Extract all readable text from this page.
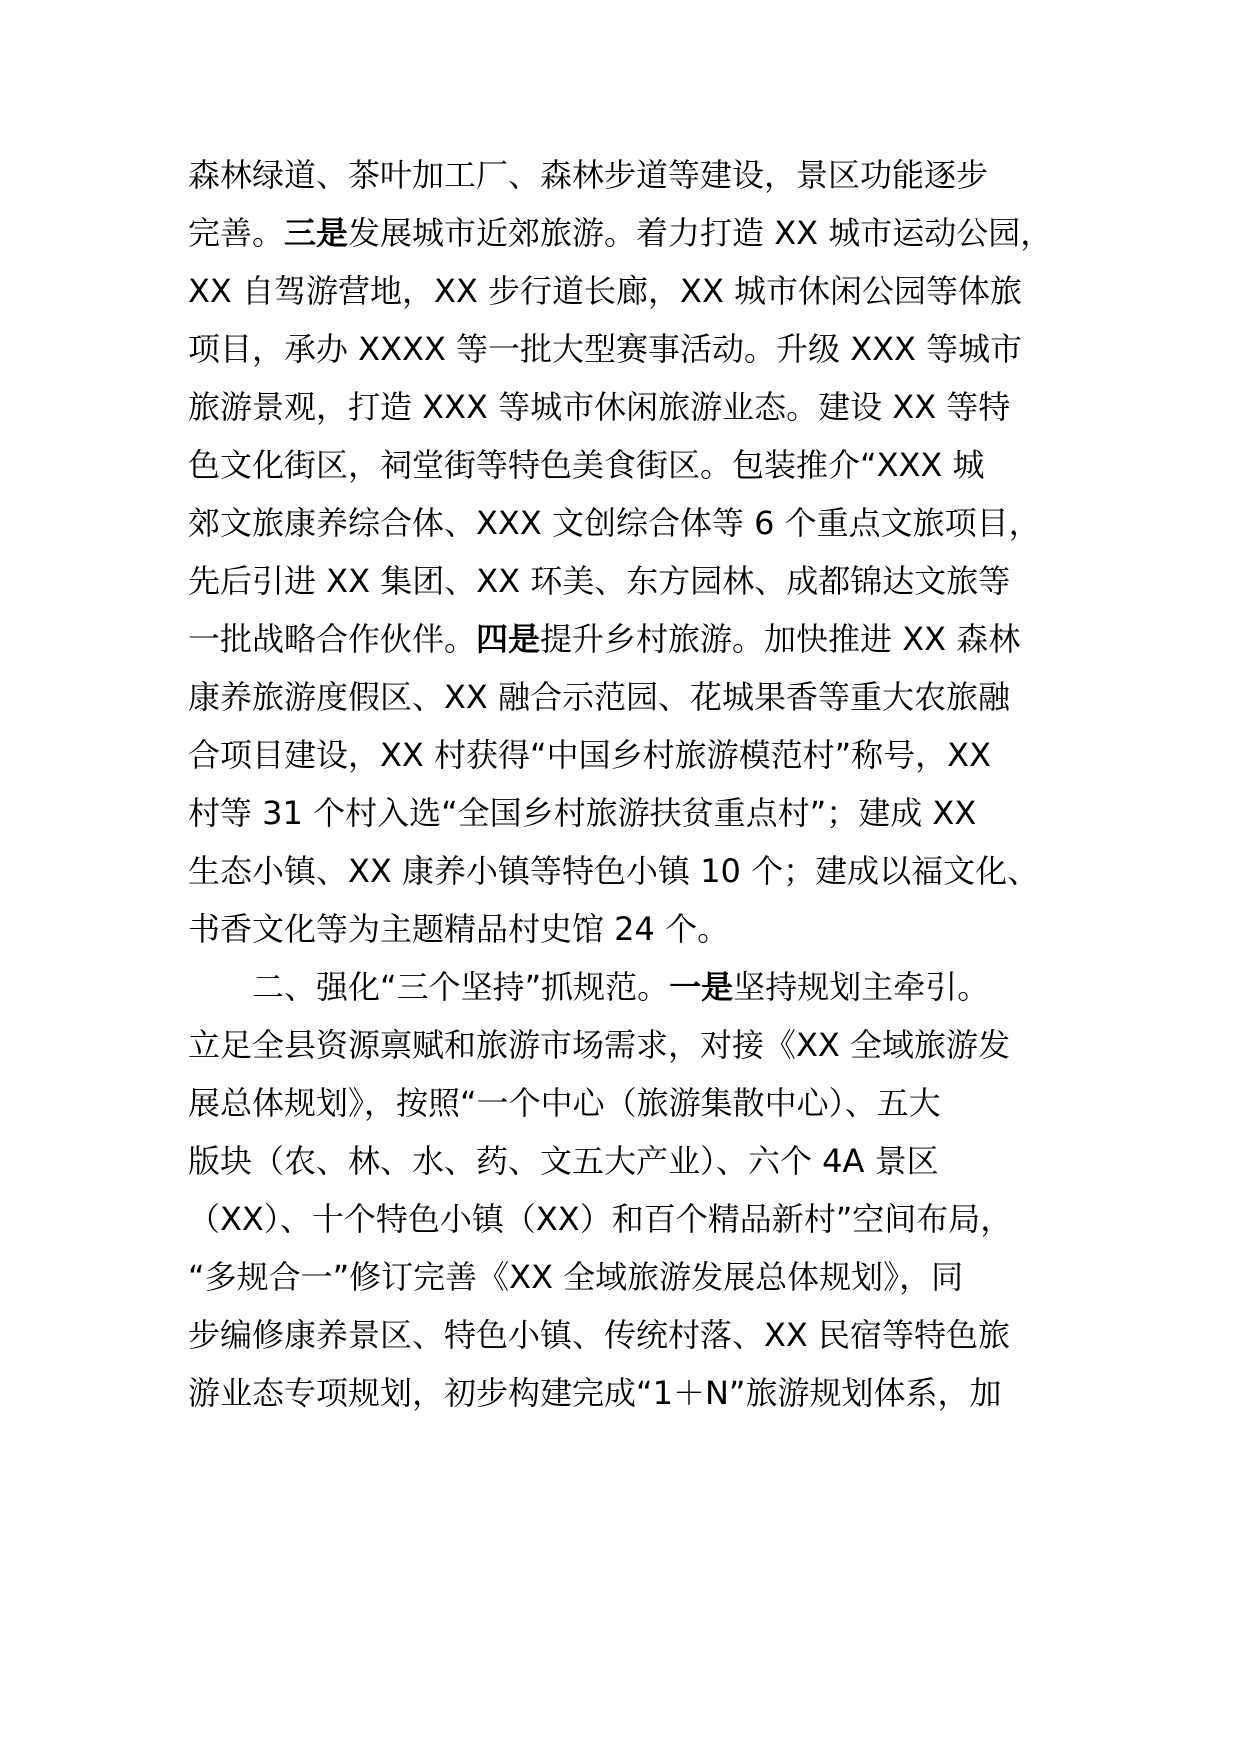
森林绿道、茶叶加工厂、森林步道等建设，景区功能逐步
完善。三是发展城市近郊旅游。着力打造 XX 城市运动公园，
XX 自驾游营地，XX 步行道长廊，XX 城市休闲公园等体旅
项目，承办 XXXX 等一批大型赛事活动。升级 XXX 等城市
旅游景观，打造 XXX 等城市休闲旅游业态。建设 XX 等特
色文化街区，祠堂街等特色美食街区。包装推介“XXX 城
郊文旅康养综合体、XXX 文创综合体等 6 个重点文旅项目，
先后引进 XX 集团、XX 环美、东方园林、成都锦达文旅等
一批战略合作伙伴。四是提升乡村旅游。加快推进 XX 森林
康养旅游度假区、XX 融合示范园、花城果香等重大农旅融
合项目建设，XX 村获得“中国乡村旅游模范村”称号，XX
村等 31 个村入选“全国乡村旅游扶贫重点村”；建成 XX
生态小镇、XX 康养小镇等特色小镇 10 个；建成以福文化、
书香文化等为主题精品村史馆 24 个。
二、强化“三个坚持”抓规范。一是坚持规划主牵引。
立足全县资源禀赋和旅游市场需求，对接《XX 全域旅游发
展总体规划》，按照“一个中心（旅游集散中心）、五大
版块（农、林、水、药、文五大产业）、六个 4A 景区
（XX）、十个特色小镇（XX）和百个精品新村”空间布局，
“多规合一”修订完善《XX 全域旅游发展总体规划》，同
步编修康养景区、特色小镇、传统村落、XX 民宿等特色旅
游业态专项规划，初步构建完成“1＋N”旅游规划体系，加
